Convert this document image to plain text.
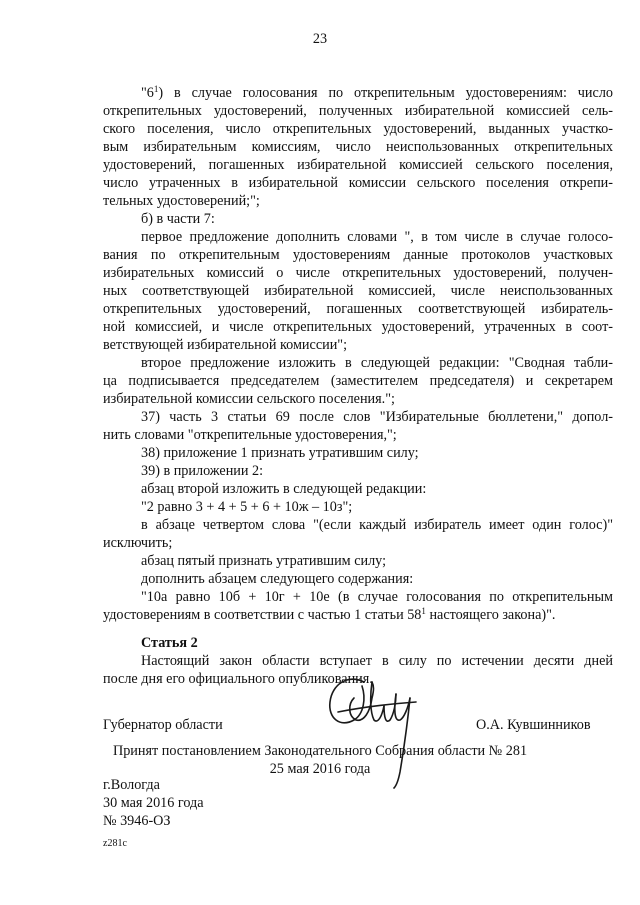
23
"$6^1$) в случае голосования по открепительным удостоверениям: число
открепительных удостоверений, полученных избирательной комиссией сель-
ского поселения, число открепительных удостоверений, выданных участко-
вым избирательным комиссиям, число неиспользованных открепительных
удостоверений, погашенных избирательной комиссией сельского поселения,
число утраченных в избирательной комиссии сельского поселения открепи-
тельных удостоверений;";
б) в части 7:
первое предложение дополнить словами ", в том числе в случае голосо-
вания по открепительным удостоверениям данные протоколов участковых
избирательных комиссий о числе открепительных удостоверений, получен-
ных соответствующей избирательной комиссией, числе неиспользованных
открепительных удостоверений, погашенных соответствующей избиратель-
ной комиссией, и числе открепительных удостоверений, утраченных в соот-
ветствующей избирательной комиссии";
второе предложение изложить в следующей редакции: "Сводная табли-
ца подписывается председателем (заместителем председателя) и секретарем
избирательной комиссии сельского поселения.";
37) часть 3 статьи 69 после слов "Избирательные бюллетени," допол-
нить словами "открепительные удостоверения,";
38) приложение 1 признать утратившим силу;
39) в приложении 2:
абзац второй изложить в следующей редакции:
"2 равно 3 + 4 + 5 + 6 + 10ж – 10з";
в абзаце четвертом слова "(если каждый избиратель имеет один голос)"
исключить;
абзац пятый признать утратившим силу;
дополнить абзацем следующего содержания:
"10а равно 10б + 10г + 10е (в случае голосования по открепительным
удостоверениям в соответствии с частью 1 статьи $58^1$ настоящего закона)".
Статья 2
Настоящий закон области вступает в силу по истечении десяти дней
после дня его официального опубликования.
Губернатор области	О.А. Кувшинников
Принят постановлением Законодательного Собрания области № 281
25 мая 2016 года
г.Вологда
30 мая 2016 года
№ 3946-ОЗ
z281c
